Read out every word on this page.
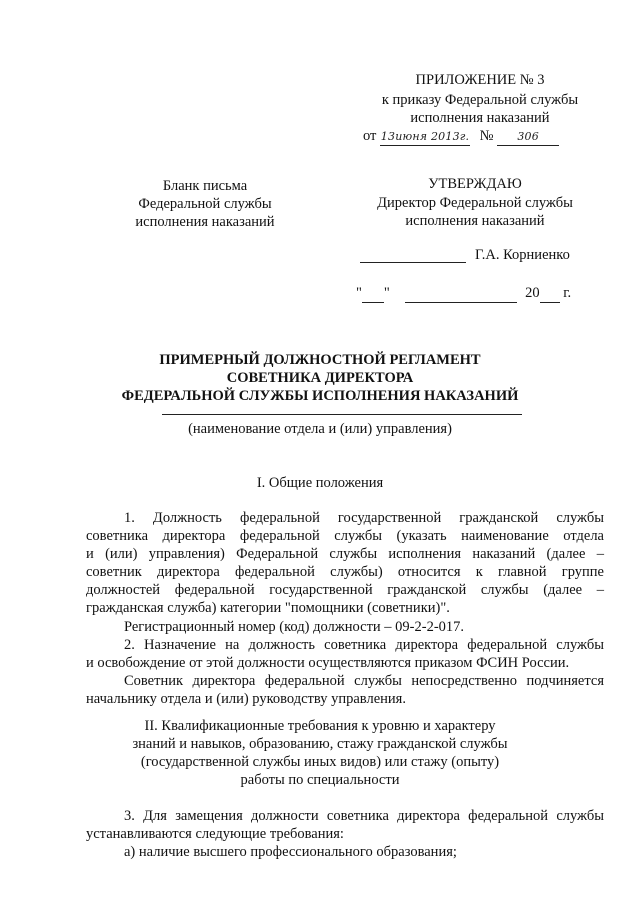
ПРИЛОЖЕНИЕ № 3
к приказу Федеральной службы
исполнения наказаний
от 13июня 2013г. № 306
Бланк письма
Федеральной службы
исполнения наказаний
УТВЕРЖДАЮ
Директор Федеральной службы
исполнения наказаний
Г.А. Корниенко
" "	20 г.
ПРИМЕРНЫЙ ДОЛЖНОСТНОЙ РЕГЛАМЕНТ
СОВЕТНИКА ДИРЕКТОРА
ФЕДЕРАЛЬНОЙ СЛУЖБЫ ИСПОЛНЕНИЯ НАКАЗАНИЙ
(наименование отдела и (или) управления)
I. Общие положения
1. Должность федеральной государственной гражданской службы
советника директора федеральной службы (указать наименование отдела
и (или) управления) Федеральной службы исполнения наказаний (далее –
советник директора федеральной службы) относится к главной группе
должностей федеральной государственной гражданской службы (далее –
гражданская служба) категории "помощники (советники)".
Регистрационный номер (код) должности – 09-2-2-017.
2. Назначение на должность советника директора федеральной службы
и освобождение от этой должности осуществляются приказом ФСИН России.
Советник директора федеральной службы непосредственно подчиняется
начальнику отдела и (или) руководству управления.
II. Квалификационные требования к уровню и характеру
знаний и навыков, образованию, стажу гражданской службы
(государственной службы иных видов) или стажу (опыту)
работы по специальности
3. Для замещения должности советника директора федеральной службы
устанавливаются следующие требования:
а) наличие высшего профессионального образования;
